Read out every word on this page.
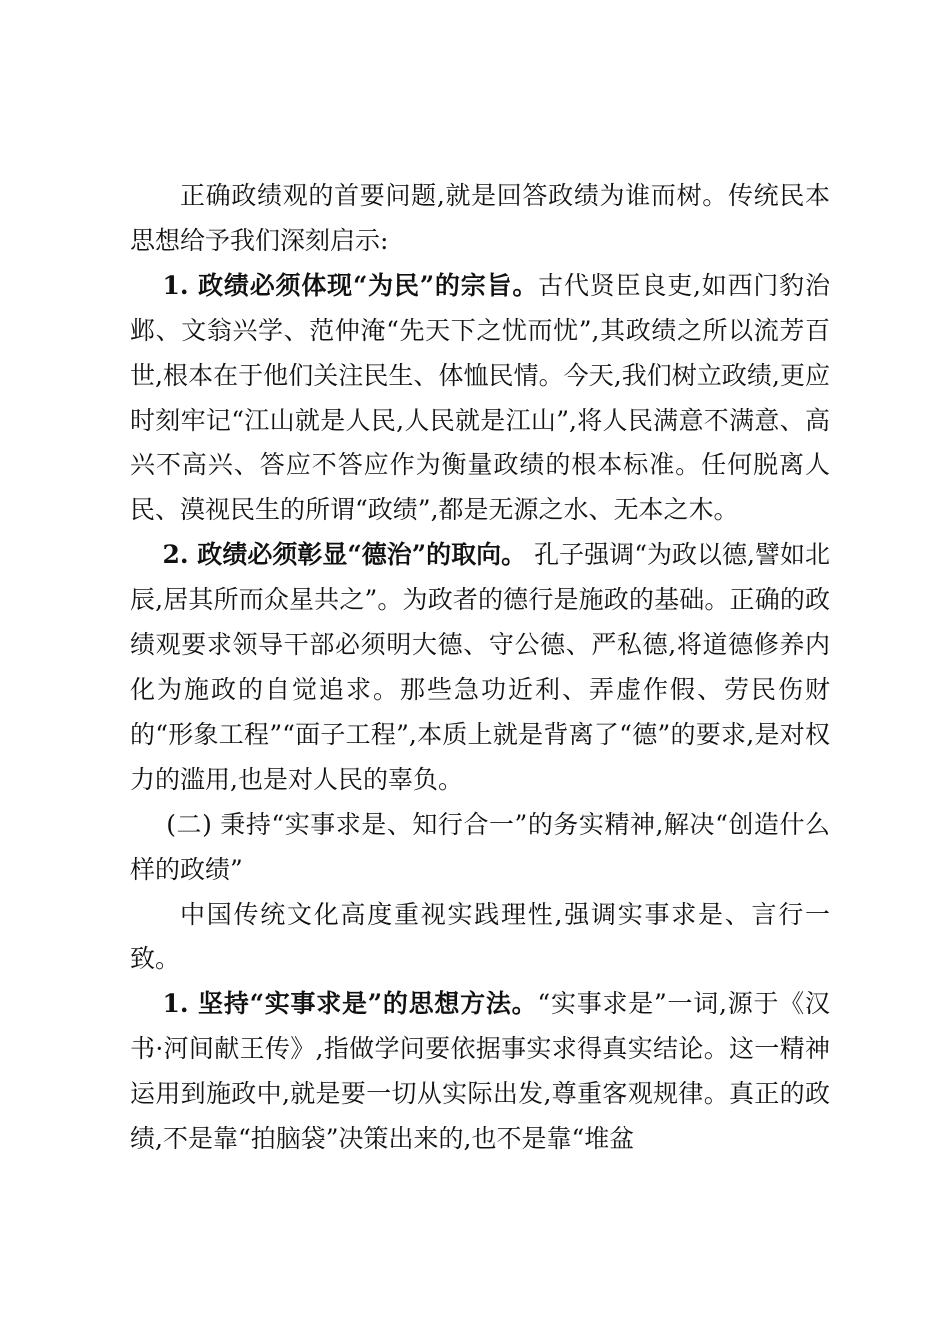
正确政绩观的首要问题,就是回答政绩为谁而树。传统民本思想给予我们深刻启示:

1. 政绩必须体现“为民”的宗旨。古代贤臣良吏,如西门豹治邺、文翁兴学、范仲淹“先天下之忧而忧”,其政绩之所以流芳百世,根本在于他们关注民生、体恤民情。今天,我们树立政绩,更应时刻牢记“江山就是人民,人民就是江山”,将人民满意不满意、高兴不高兴、答应不答应作为衡量政绩的根本标准。任何脱离人民、漠视民生的所谓“政绩”,都是无源之水、无本之木。

2. 政绩必须彰显“德治”的取向。 孔子强调“为政以德,譬如北辰,居其所而众星共之”。为政者的德行是施政的基础。正确的政绩观要求领导干部必须明大德、守公德、严私德,将道德修养内化为施政的自觉追求。那些急功近利、弄虚作假、劳民伤财的“形象工程”“面子工程”,本质上就是背离了“德”的要求,是对权力的滥用,也是对人民的辜负。

(二) 秉持“实事求是、知行合一”的务实精神,解决“创造什么样的政绩”

中国传统文化高度重视实践理性,强调实事求是、言行一致。

1. 坚持“实事求是”的思想方法。“实事求是”一词,源于《汉书·河间献王传》,指做学问要依据事实求得真实结论。这一精神运用到施政中,就是要一切从实际出发,尊重客观规律。真正的政绩,不是靠“拍脑袋”决策出来的,也不是靠“堆盆
